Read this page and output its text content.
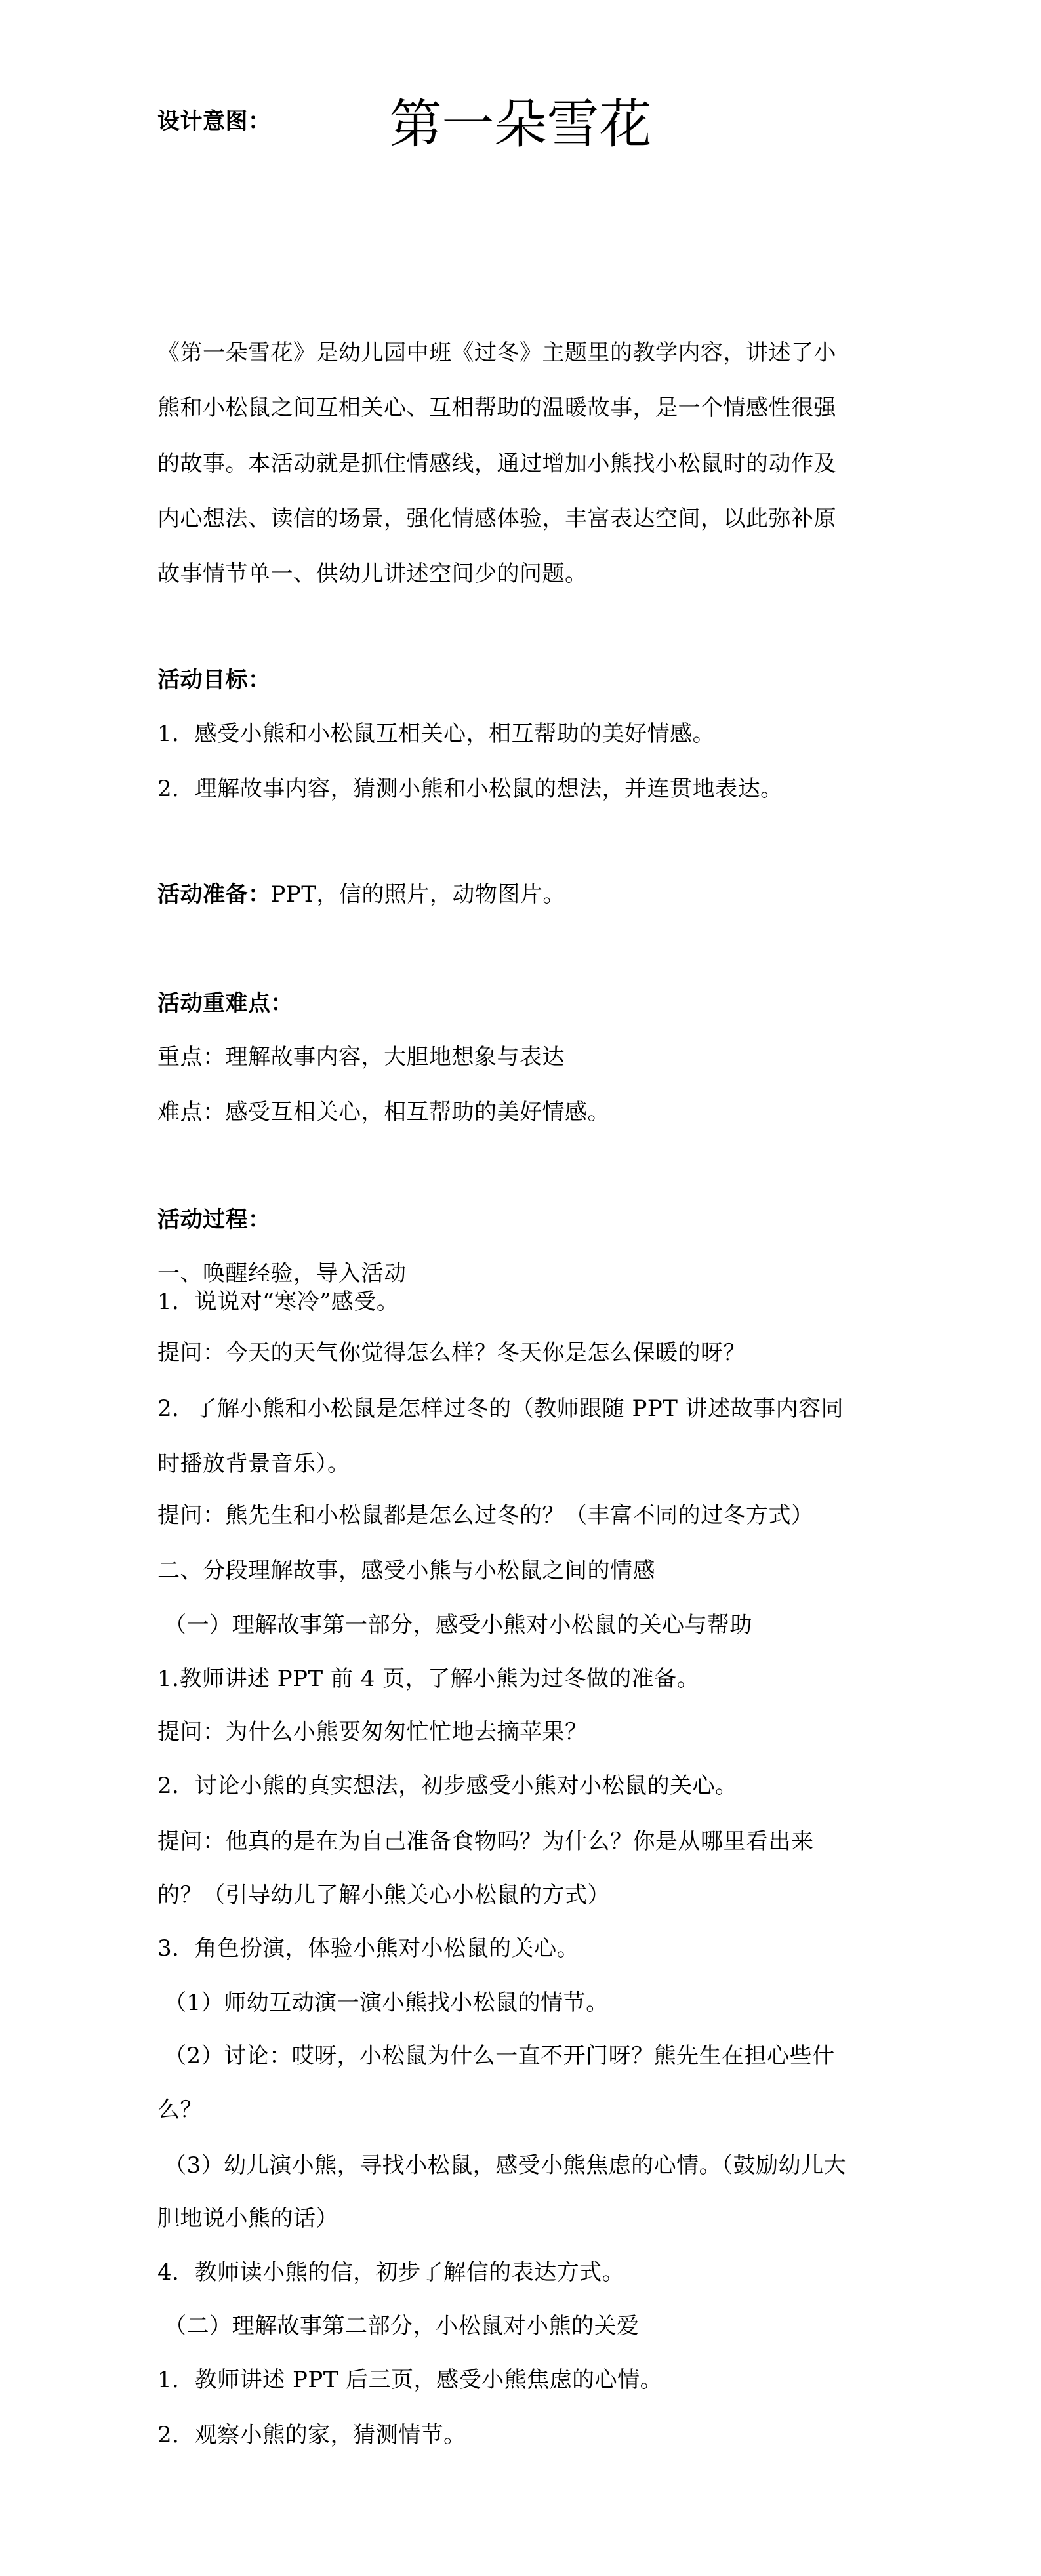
第一朵雪花
设计意图：
《第一朵雪花》是幼儿园中班《过冬》主题里的教学内容，讲述了小
熊和小松鼠之间互相关心、互相帮助的温暖故事，是一个情感性很强
的故事。本活动就是抓住情感线，通过增加小熊找小松鼠时的动作及
内心想法、读信的场景，强化情感体验，丰富表达空间，以此弥补原
故事情节单一、供幼儿讲述空间少的问题。
活动目标：
1．感受小熊和小松鼠互相关心，相互帮助的美好情感。
2．理解故事内容，猜测小熊和小松鼠的想法，并连贯地表达。
活动准备：PPT，信的照片，动物图片。
活动重难点：
重点：理解故事内容，大胆地想象与表达
难点：感受互相关心，相互帮助的美好情感。
活动过程：
一、唤醒经验，导入活动
1．说说对“寒冷”感受。
提问：今天的天气你觉得怎么样？冬天你是怎么保暖的呀？
2．了解小熊和小松鼠是怎样过冬的（教师跟随 PPT 讲述故事内容同
时播放背景音乐）。
提问：熊先生和小松鼠都是怎么过冬的？（丰富不同的过冬方式）
二、分段理解故事，感受小熊与小松鼠之间的情感
（一）理解故事第一部分，感受小熊对小松鼠的关心与帮助
1.教师讲述 PPT 前 4 页，了解小熊为过冬做的准备。
提问：为什么小熊要匆匆忙忙地去摘苹果？
2．讨论小熊的真实想法，初步感受小熊对小松鼠的关心。
提问：他真的是在为自己准备食物吗？为什么？你是从哪里看出来
的？（引导幼儿了解小熊关心小松鼠的方式）
3．角色扮演，体验小熊对小松鼠的关心。
（1）师幼互动演一演小熊找小松鼠的情节。
（2）讨论：哎呀，小松鼠为什么一直不开门呀？熊先生在担心些什
么？
（3）幼儿演小熊，寻找小松鼠，感受小熊焦虑的心情。（鼓励幼儿大
胆地说小熊的话）
4．教师读小熊的信，初步了解信的表达方式。
（二）理解故事第二部分，小松鼠对小熊的关爱
1．教师讲述 PPT 后三页，感受小熊焦虑的心情。
2．观察小熊的家，猜测情节。
